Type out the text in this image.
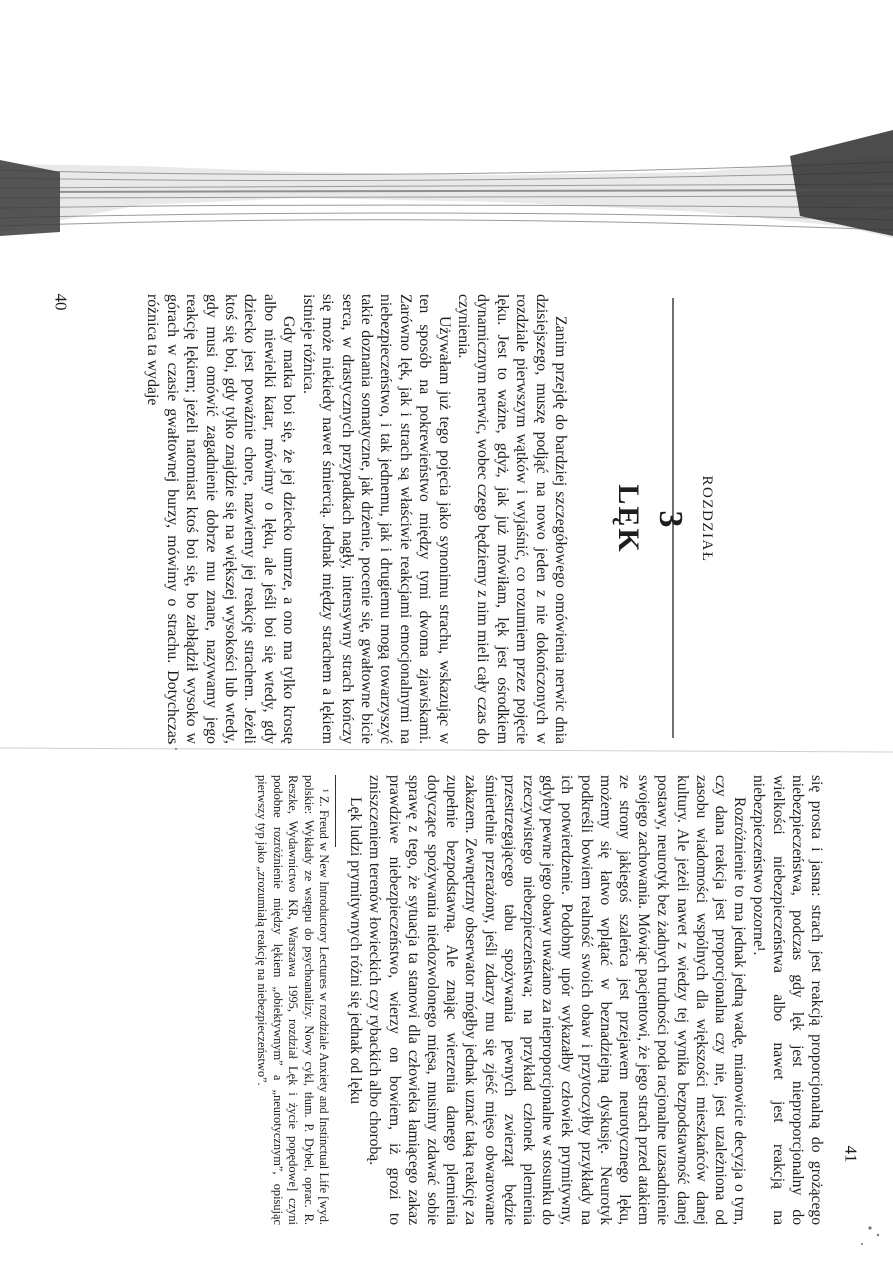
40
ROZDZIAŁ
3
LĘK

Zanim przejdę do bardziej szczegółowego omówienia nerwic dnia dzisiejszego, muszę podjąć na nowo jeden z nie dokończonych w rozdziale pierwszym wątków i wyjaśnić, co rozumiem przez pojęcie lęku. Jest to ważne, gdyż, jak już mówiłam, lęk jest ośrodkiem dynamicznym nerwic, wobec czego będziemy z nim mieli cały czas do czynienia.

Używałam już tego pojęcia jako synonimu strachu, wskazując w ten sposób na pokrewieństwo między tymi dwoma zjawiskami. Zarówno lęk, jak i strach są właściwie reakcjami emocjonalnymi na niebezpieczeństwo, i tak jednemu, jak i drugiemu mogą towarzyszyć takie doznania somatyczne, jak drżenie, pocenie się, gwałtowne bicie serca, w drastycznych przypadkach nagły, intensywny strach kończy się może niekiedy nawet śmiercią. Jednak między strachem a lękiem istnieje różnica.

Gdy matka boi się, że jej dziecko umrze, a ono ma tylko krostę albo niewielki katar, mówimy o lęku, ale jeśli boi się wtedy, gdy dziecko jest poważnie chore, nazwiemy jej reakcję strachem. Jeżeli ktoś się boi, gdy tylko znajdzie się na większej wysokości lub wtedy, gdy musi omówić zagadnienie dobrze mu znane, nazywamy jego reakcję lękiem; jeżeli natomiast ktoś boi się, bo zabłądził wysoko w górach w czasie gwałtownej burzy, mówimy o strachu. Dotychczas różnica ta wydaje

się prosta i jasna: strach jest reakcją proporcjonalną do grożącego niebezpieczeństwa, podczas gdy lęk jest nieproporcjonalny do wielkości niebezpieczeństwa albo nawet jest reakcją na niebezpieczeństwo pozorne¹.

Rozróżnienie to ma jednak jedną wadę, mianowicie decyzja o tym, czy dana reakcja jest proporcjonalna czy nie, jest uzależniona od zasobu wiadomości wspólnych dla większości mieszkańców danej kultury. Ale jeżeli nawet z wiedzy tej wynika bezpodstawność danej postawy, neurotyk bez żadnych trudności poda racjonalne uzasadnienie swojego zachowania. Mówiąc pacjentowi, że jego strach przed atakiem ze strony jakiegoś szaleńca jest przejawem neurotycznego lęku, możemy się łatwo wplątać w beznadziejną dyskusję. Neurotyk podkreśli bowiem realność swoich obaw i przytoczyłby przykłady na ich potwierdzenie. Podobny upór wykazałby człowiek prymitywny, gdyby pewne jego obawy uważano za nieproporcjonalne w stosunku do rzeczywistego niebezpieczeństwa; na przykład członek plemienia przestrzegającego tabu spożywania pewnych zwierząt będzie śmiertelnie przerażony, jeśli zdarzy mu się zjeść mięso obwarowane zakazem. Zewnętrzny obserwator mógłby jednak uznać taką reakcję za zupełnie bezpodstawną. Ale znając wierzenia danego plemienia dotyczące spożywania niedozwolonego mięsa, musimy zdawać sobie sprawę z tego, że sytuacja ta stanowi dla człowieka łamiącego zakaz prawdziwe niebezpieczeństwo, wierzy on bowiem, iż grozi to zniszczeniem terenów łowieckich czy rybackich albo chorobą.

Lęk ludzi prymitywnych różni się jednak od lęku

¹ Z. Freud w New Introductory Lectures w rozdziale Anxiety and Instinctual Life [wyd. polskie: Wykłady ze wstępu do psychoanalizy. Nowy cykl, tłum. P. Dybel, oprac. R. Reszke, Wydawnictwo KR, Warszawa 1995, rozdział Lęk i życie popędowe] czyni podobne rozróżnienie między lękiem „obiektywnym” a „neurotycznym”, opisując pierwszy typ jako „zrozumiałą reakcję na niebezpieczeństwo”.

41
